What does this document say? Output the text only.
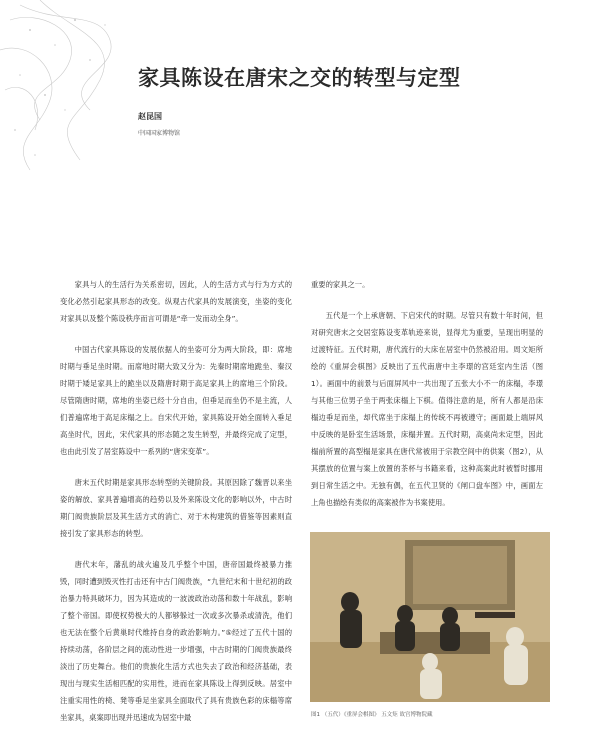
家具陈设在唐宋之交的转型与定型
赵昆国
中国国家博物馆

家具与人的生活行为关系密切，因此，人的生活方式与行为方式的变化必然引起家具形态的改变。纵观古代家具的发展演变，坐姿的变化对家具以及整个陈设秩序而言可谓是“牵一发而动全身”。

中国古代家具陈设的发展依据人的坐姿可分为两大阶段，即：席地时期与垂足坐时期。而席地时期大致又分为：先秦时期席地跪坐、秦汉时期于矮足家具上的跪坐以及隋唐时期于高足家具上的席地三个阶段。尽管隋唐时期，席地的坐姿已经十分自由，但垂足而坐仍不是主流，人们普遍席地于高足床榻之上。自宋代开始，家具陈设开始全面转入垂足高坐时代，因此，宋代家具的形态随之发生转型，并最终完成了定型，也由此引发了居室陈设中一系列的“唐宋变革”。

唐末五代时期是家具形态转型的关键阶段。其原因除了魏晋以来坐姿的解放、家具普遍增高的趋势以及外来陈设文化的影响以外，中古时期门阀贵族阶层及其生活方式的消亡、对于木构建筑的借鉴等因素则直接引发了家具形态的转型。

唐代末年，藩乱的战火遍及几乎整个中国，唐帝国最终被暴力推毁，同时遭到毁灭性打击还有中古门阀贵族，“九世纪末和十世纪初的政治暴力特具破坏力，因为其造成的一波波政治动荡和数十年战乱，影响了整个帝国。即使权势极大的人都够躲过一次或多次暴杀或清洗，他们也无法在整个后黄巢时代维持自身的政治影响力。”⑤经过了五代十国的持续动荡，各阶层之间的流动性进一步增强，中古时期的门阀贵族最终淡出了历史舞台。他们的贵族化生活方式也失去了政治和经济基础，表现出与现实生活相匹配的实用性，进而在家具陈设上得到反映。居室中注重实用性的椅、凳等垂足坐家具全面取代了具有贵族色彩的床榻等席坐家具，桌案即出现并迅速成为居室中最

重要的家具之一。

五代是一个上承唐朝、下启宋代的时期。尽管只有数十年时间，但对研究唐末之交居室陈设变革轨迹来说，显得尤为重要，呈现出明显的过渡特征。五代时期，唐代流行的大床在居室中仍然被沿用。周文矩所绘的《重屏会棋图》反映出了五代南唐中主李璟的宫廷室内生活（图1）。画面中的前景与后面屏风中一共出现了五张大小不一的床榻，李璟与其他三位男子坐于两张床榻上下棋。值得注意的是，所有人都是沿床榻边垂足而坐，却代席坐于床榻上的传统不再被遵守；画面最上端屏风中反映的是卧室生活场景，床榻并置。五代时期，高桌尚未定型，因此榻前所置的高型榻是家具在唐代常被用于宗教空间中的供案（图2），从其摆放的位置与案上放置的茶杯与书籍来看，这种高案此时被暂时挪用到日常生活之中。无独有偶，在五代卫贤的《闸口盘车图》中，画面左上角也描绘有类似的高案被作为书案使用。

图1 （五代）《重屏会棋图》 五文矩 故宫博物院藏
